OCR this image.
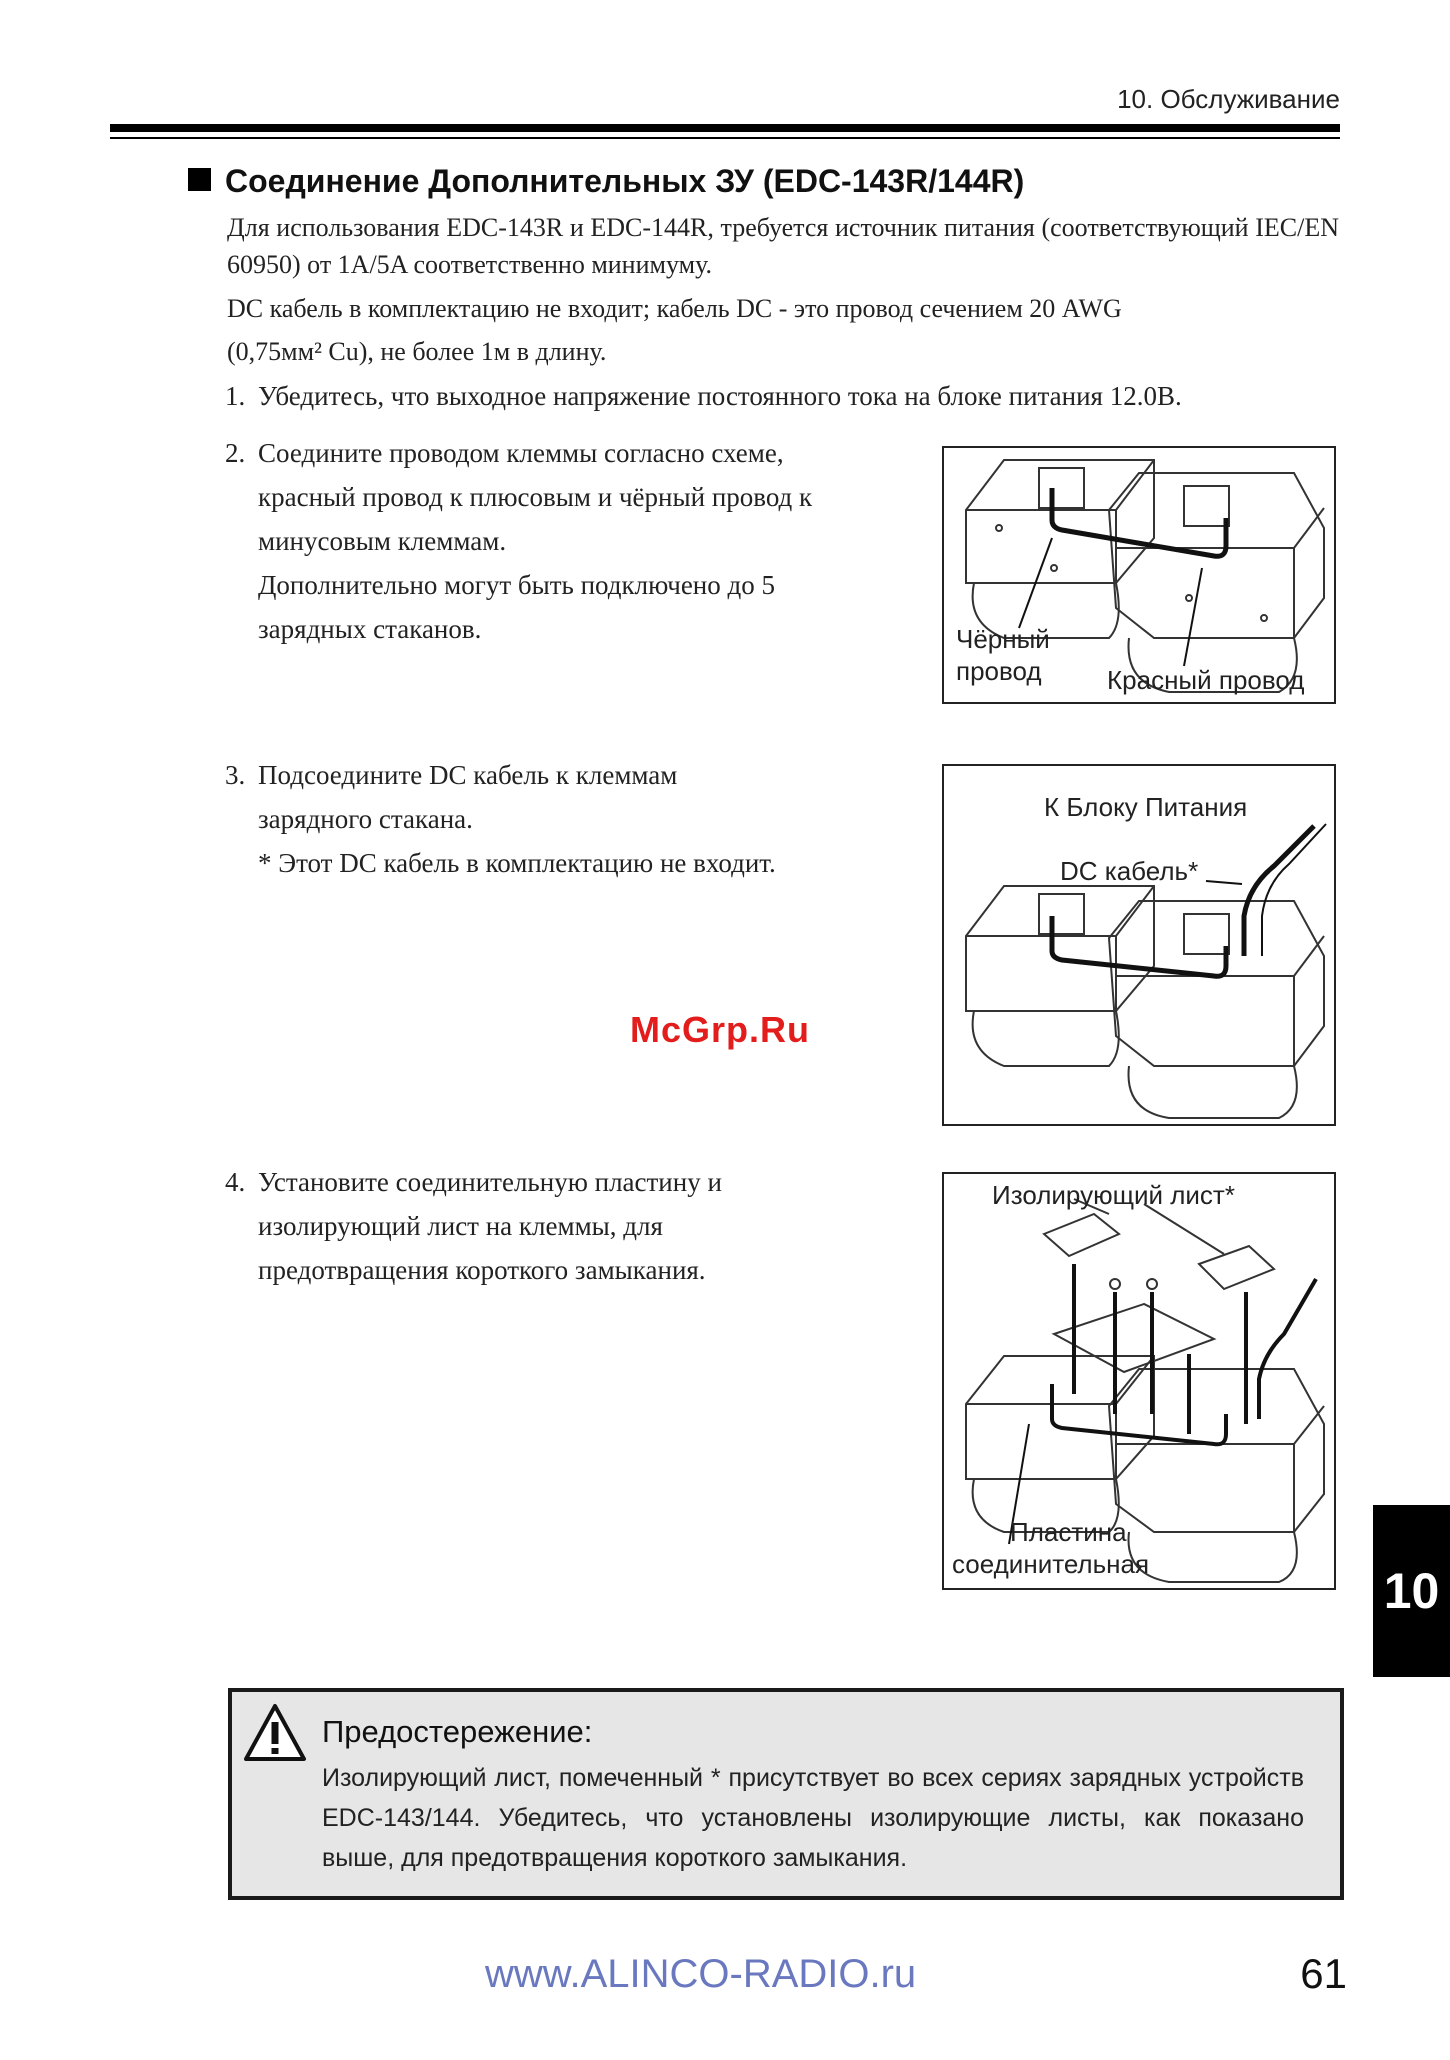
10. Обслуживание
Соединение Дополнительных ЗУ (EDC-143R/144R)
Для использования EDC-143R и EDC-144R, требуется источник питания (соответствующий IEC/EN 60950) от 1A/5A соответственно минимуму.
DC кабель в комплектацию не входит; кабель DC - это провод сечением 20 AWG
(0,75мм² Cu), не более 1м в длину.
1. Убедитесь, что выходное напряжение постоянного тока на блоке питания 12.0В.
2. Соедините проводом клеммы согласно схеме,
красный провод к плюсовым и чёрный провод к
минусовым клеммам.
Дополнительно могут быть подключено до 5
зарядных стаканов.	Чёрный
провод	Красный провод
3. Подсоедините DC кабель к клеммам
зарядного стакана.
* Этот DC кабель в комплектацию не входит.
К Блоку Питания
DC кабель*
McGrp.Ru
4. Установите соединительную пластину и
изолирующий лист на клеммы, для
предотвращения короткого замыкания.
Изолирующий лист*
Пластина
соединительная	10
Предостережение:
Изолирующий лист, помеченный * присутствует во всех сериях зарядных устройств EDC-143/144. Убедитесь, что установлены изолирующие листы, как показано выше, для предотвращения короткого замыкания.
www.ALINCO-RADIO.ru	61
